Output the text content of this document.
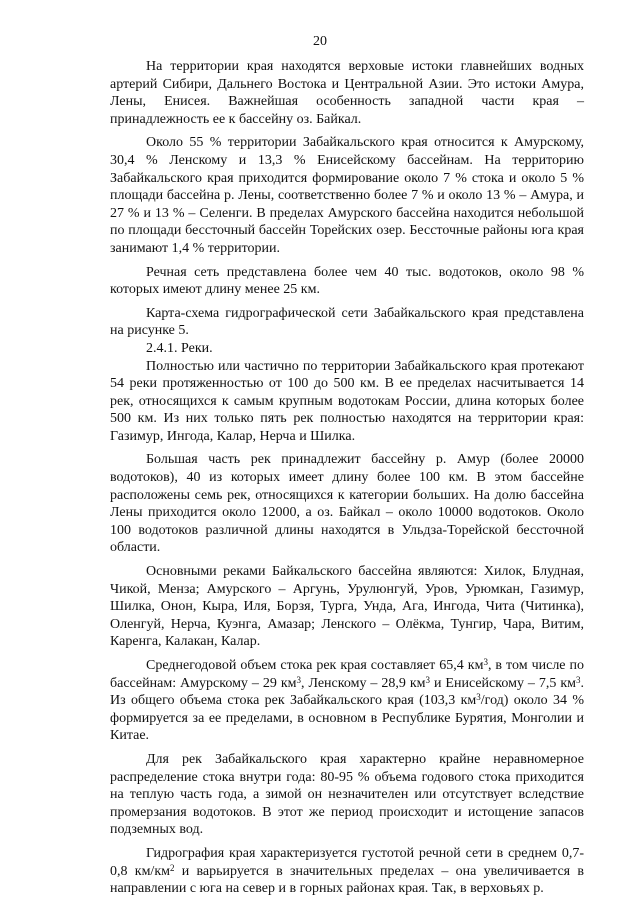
20

На территории края находятся верховые истоки главнейших водных артерий Сибири, Дальнего Востока и Центральной Азии. Это истоки Амура, Лены, Енисея. Важнейшая особенность западной части края – принадлежность ее к бассейну оз. Байкал.

Около 55 % территории Забайкальского края относится к Амурскому, 30,4 % Ленскому и 13,3 % Енисейскому бассейнам. На территорию Забайкальского края приходится формирование около 7 % стока и около 5 % площади бассейна р. Лены, соответственно более 7 % и около 13 % – Амура, и 27 % и 13 % – Селенги. В пределах Амурского бассейна находится небольшой по площади бессточный бассейн Торейских озер. Бессточные районы юга края занимают 1,4 % территории.

Речная сеть представлена более чем 40 тыс. водотоков, около 98 % которых имеют длину менее 25 км.

Карта-схема гидрографической сети Забайкальского края представлена на рисунке 5.

2.4.1. Реки.

Полностью или частично по территории Забайкальского края протекают 54 реки протяженностью от 100 до 500 км. В ее пределах насчитывается 14 рек, относящихся к самым крупным водотокам России, длина которых более 500 км. Из них только пять рек полностью находятся на территории края: Газимур, Ингода, Калар, Нерча и Шилка.

Большая часть рек принадлежит бассейну р. Амур (более 20000 водотоков), 40 из которых имеет длину более 100 км. В этом бассейне расположены семь рек, относящихся к категории больших. На долю бассейна Лены приходится около 12000, а оз. Байкал – около 10000 водотоков. Около 100 водотоков различной длины находятся в Ульдза-Торейской бессточной области.

Основными реками Байкальского бассейна являются: Хилок, Блудная, Чикой, Менза; Амурского – Аргунь, Урулюнгуй, Уров, Урюмкан, Газимур, Шилка, Онон, Кыра, Иля, Борзя, Турга, Унда, Ага, Ингода, Чита (Читинка), Оленгуй, Нерча, Куэнга, Амазар; Ленского – Олёкма, Тунгир, Чара, Витим, Каренга, Калакан, Калар.

Среднегодовой объем стока рек края составляет 65,4 $км^3$, в том числе по бассейнам: Амурскому – 29 $км^3$, Ленскому – 28,9 $км^3$ и Енисейскому – 7,5 $км^3$. Из общего объема стока рек Забайкальского края (103,3 $км^3/год$) около 34 % формируется за ее пределами, в основном в Республике Бурятия, Монголии и Китае.

Для рек Забайкальского края характерно крайне неравномерное распределение стока внутри года: 80-95 % объема годового стока приходится на теплую часть года, а зимой он незначителен или отсутствует вследствие промерзания водотоков. В этот же период происходит и истощение запасов подземных вод.

Гидрография края характеризуется густотой речной сети в среднем 0,7-0,8 $км/км^2$ и варьируется в значительных пределах – она увеличивается в направлении с юга на север и в горных районах края. Так, в верховьях р.
